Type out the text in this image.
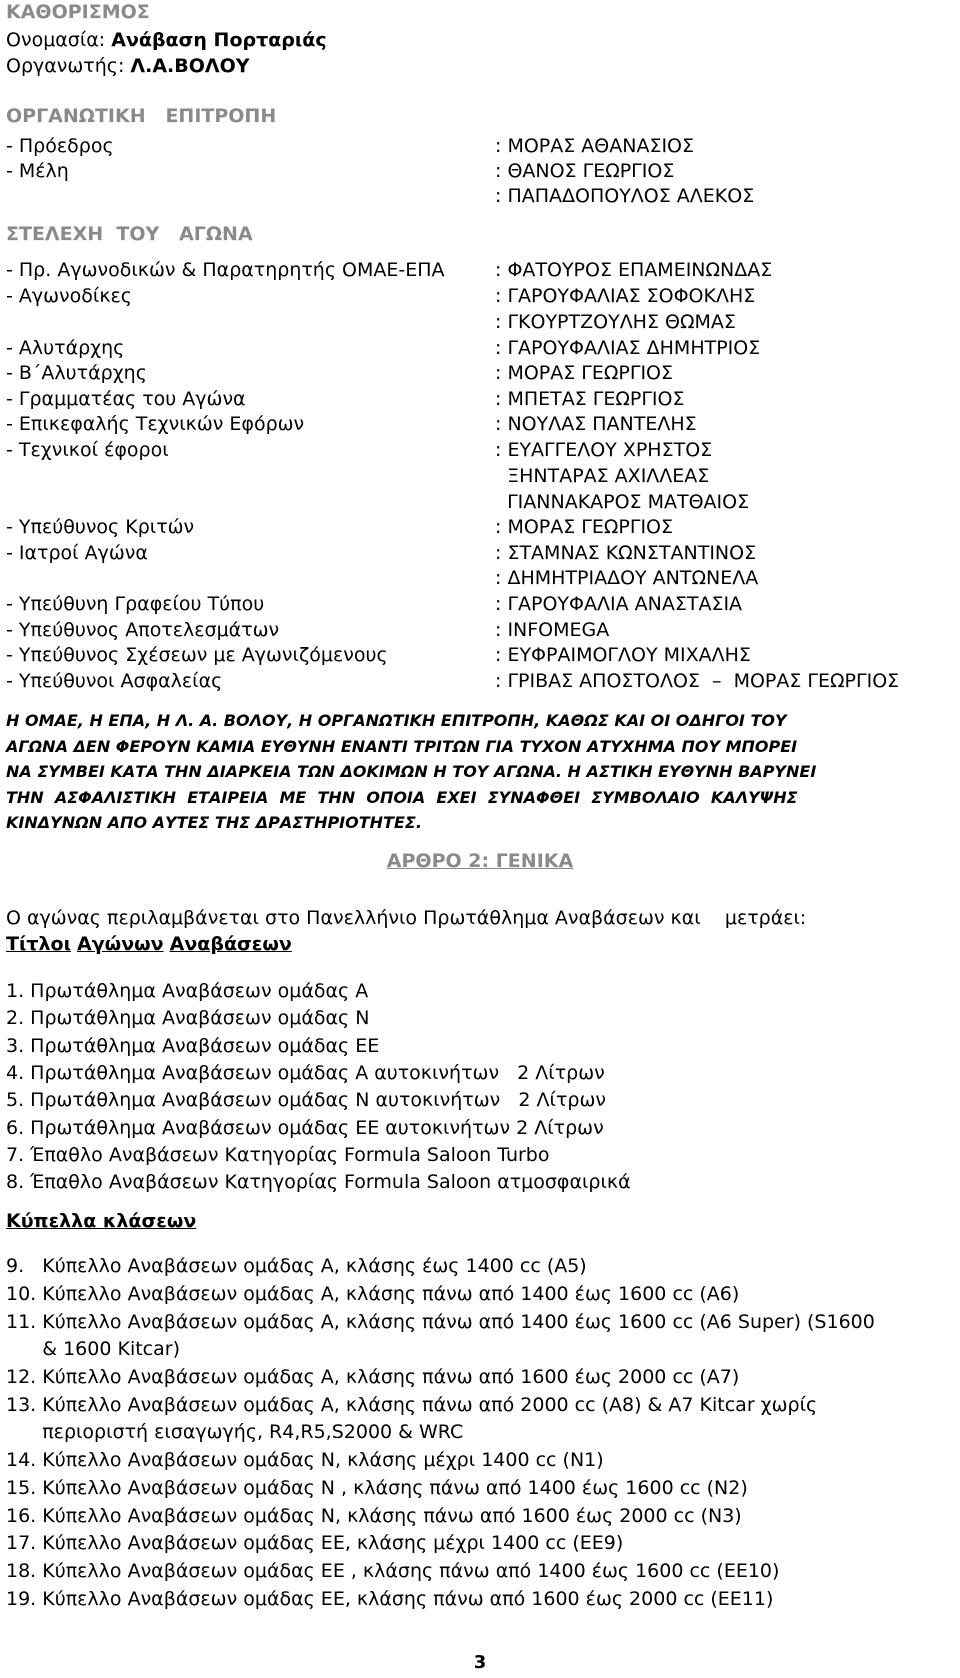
ΚΑΘΟΡΙΣΜΟΣ
Ονομασία: Ανάβαση Πορταριάς
Οργανωτής: Λ.Α.ΒΟΛΟΥ
ΟΡΓΑΝΩΤΙΚΗ   ΕΠΙΤΡΟΠΗ
- Πρόεδρος	: ΜΟΡΑΣ ΑΘΑΝΑΣΙΟΣ
- Μέλη	: ΘΑΝΟΣ ΓΕΩΡΓΙΟΣ
: ΠΑΠΑΔΟΠΟΥΛΟΣ ΑΛΕΚΟΣ
ΣΤΕΛΕΧΗ  ΤΟΥ   ΑΓΩΝΑ
- Πρ. Αγωνοδικών & Παρατηρητής ΟΜΑΕ-ΕΠΑ	: ΦΑΤΟΥΡΟΣ ΕΠΑΜΕΙΝΩΝΔΑΣ
- Αγωνοδίκες	: ΓΑΡΟΥΦΑΛΙΑΣ ΣΟΦΟΚΛΗΣ
: ΓΚΟΥΡΤΖΟΥΛΗΣ ΘΩΜΑΣ
- Αλυτάρχης	: ΓΑΡΟΥΦΑΛΙΑΣ ΔΗΜΗΤΡΙΟΣ
- Β΄Αλυτάρχης	: ΜΟΡΑΣ ΓΕΩΡΓΙΟΣ
- Γραμματέας του Αγώνα	: ΜΠΕΤΑΣ ΓΕΩΡΓΙΟΣ
- Επικεφαλής Τεχνικών Εφόρων	: ΝΟΥΛΑΣ ΠΑΝΤΕΛΗΣ
- Τεχνικοί έφοροι	: ΕΥΑΓΓΕΛΟΥ ΧΡΗΣΤΟΣ
ΞΗΝΤΑΡΑΣ ΑΧΙΛΛΕΑΣ
ΓΙΑΝΝΑΚΑΡΟΣ ΜΑΤΘΑΙΟΣ
- Υπεύθυνος Κριτών	: ΜΟΡΑΣ ΓΕΩΡΓΙΟΣ
- Ιατροί Αγώνα	: ΣΤΑΜΝΑΣ ΚΩΝΣΤΑΝΤΙΝΟΣ
: ΔΗΜΗΤΡΙΑΔΟΥ ΑΝΤΩΝΕΛΑ
- Υπεύθυνη Γραφείου Τύπου	: ΓΑΡΟΥΦΑΛΙΑ ΑΝΑΣΤΑΣΙΑ
- Υπεύθυνος Αποτελεσμάτων	: INFOMEGA
- Υπεύθυνος Σχέσεων με Αγωνιζόμενους	: ΕΥΦΡΑΙΜΟΓΛΟΥ ΜΙΧΑΛΗΣ
- Υπεύθυνοι Ασφαλείας	: ΓΡΙΒΑΣ ΑΠΟΣΤΟΛΟΣ  –  ΜΟΡΑΣ ΓΕΩΡΓΙΟΣ
Η ΟΜΑΕ, Η ΕΠΑ, Η Λ. Α. ΒΟΛΟΥ, Η ΟΡΓΑΝΩΤΙΚΗ ΕΠΙΤΡΟΠΗ, ΚΑΘΩΣ ΚΑΙ ΟΙ ΟΔΗΓΟΙ ΤΟΥ
ΑΓΩΝΑ ΔΕΝ ΦΕΡΟΥΝ ΚΑΜΙΑ ΕΥΘΥΝΗ ΕΝΑΝΤΙ ΤΡΙΤΩΝ ΓΙΑ ΤΥΧΟΝ ΑΤΥΧΗΜΑ ΠΟΥ ΜΠΟΡΕΙ
ΝΑ ΣΥΜΒΕΙ ΚΑΤΑ ΤΗΝ ΔΙΑΡΚΕΙΑ ΤΩΝ ΔΟΚΙΜΩΝ Η ΤΟΥ ΑΓΩΝΑ. Η ΑΣΤΙΚΗ ΕΥΘΥΝΗ ΒΑΡΥΝΕΙ
ΤΗΝ  ΑΣΦΑΛΙΣΤΙΚΗ  ΕΤΑΙΡΕΙΑ  ΜΕ  ΤΗΝ  ΟΠΟΙΑ  ΕΧΕΙ  ΣΥΝΑΦΘΕΙ  ΣΥΜΒΟΛΑΙΟ  ΚΑΛΥΨΗΣ
ΚΙΝΔΥΝΩΝ ΑΠΟ ΑΥΤΕΣ ΤΗΣ ΔΡΑΣΤΗΡΙΟΤΗΤΕΣ.
ΑΡΘΡΟ 2: ΓΕΝΙΚΑ
Ο αγώνας περιλαμβάνεται στο Πανελλήνιο Πρωτάθλημα Αναβάσεων και    μετράει:
Τίτλοι Αγώνων Αναβάσεων
1. Πρωτάθλημα Αναβάσεων ομάδας Α
2. Πρωτάθλημα Αναβάσεων ομάδας Ν
3. Πρωτάθλημα Αναβάσεων ομάδας ΕΕ
4. Πρωτάθλημα Αναβάσεων ομάδας Α αυτοκινήτων   2 Λίτρων
5. Πρωτάθλημα Αναβάσεων ομάδας Ν αυτοκινήτων   2 Λίτρων
6. Πρωτάθλημα Αναβάσεων ομάδας ΕΕ αυτοκινήτων 2 Λίτρων
7. Έπαθλο Αναβάσεων Κατηγορίας Formula Saloon Turbo
8. Έπαθλο Αναβάσεων Κατηγορίας Formula Saloon ατμοσφαιρικά
Κύπελλα κλάσεων
9.   Κύπελλο Αναβάσεων ομάδας Α, κλάσης έως 1400 cc (Α5)
10. Κύπελλο Αναβάσεων ομάδας Α, κλάσης πάνω από 1400 έως 1600 cc (Α6)
11. Κύπελλο Αναβάσεων ομάδας Α, κλάσης πάνω από 1400 έως 1600 cc (Α6 Super) (S1600
& 1600 Kitcar)
12. Κύπελλο Αναβάσεων ομάδας Α, κλάσης πάνω από 1600 έως 2000 cc (Α7)
13. Κύπελλο Αναβάσεων ομάδας Α, κλάσης πάνω από 2000 cc (Α8) & Α7 Kitcar χωρίς
περιοριστή εισαγωγής, R4,R5,S2000 & WRC
14. Κύπελλο Αναβάσεων ομάδας Ν, κλάσης μέχρι 1400 cc (Ν1)
15. Κύπελλο Αναβάσεων ομάδας Ν , κλάσης πάνω από 1400 έως 1600 cc (Ν2)
16. Κύπελλο Αναβάσεων ομάδας Ν, κλάσης πάνω από 1600 έως 2000 cc (Ν3)
17. Κύπελλο Αναβάσεων ομάδας ΕΕ, κλάσης μέχρι 1400 cc (ΕΕ9)
18. Κύπελλο Αναβάσεων ομάδας ΕΕ , κλάσης πάνω από 1400 έως 1600 cc (ΕΕ10)
19. Κύπελλο Αναβάσεων ομάδας ΕΕ, κλάσης πάνω από 1600 έως 2000 cc (ΕΕ11)
3
